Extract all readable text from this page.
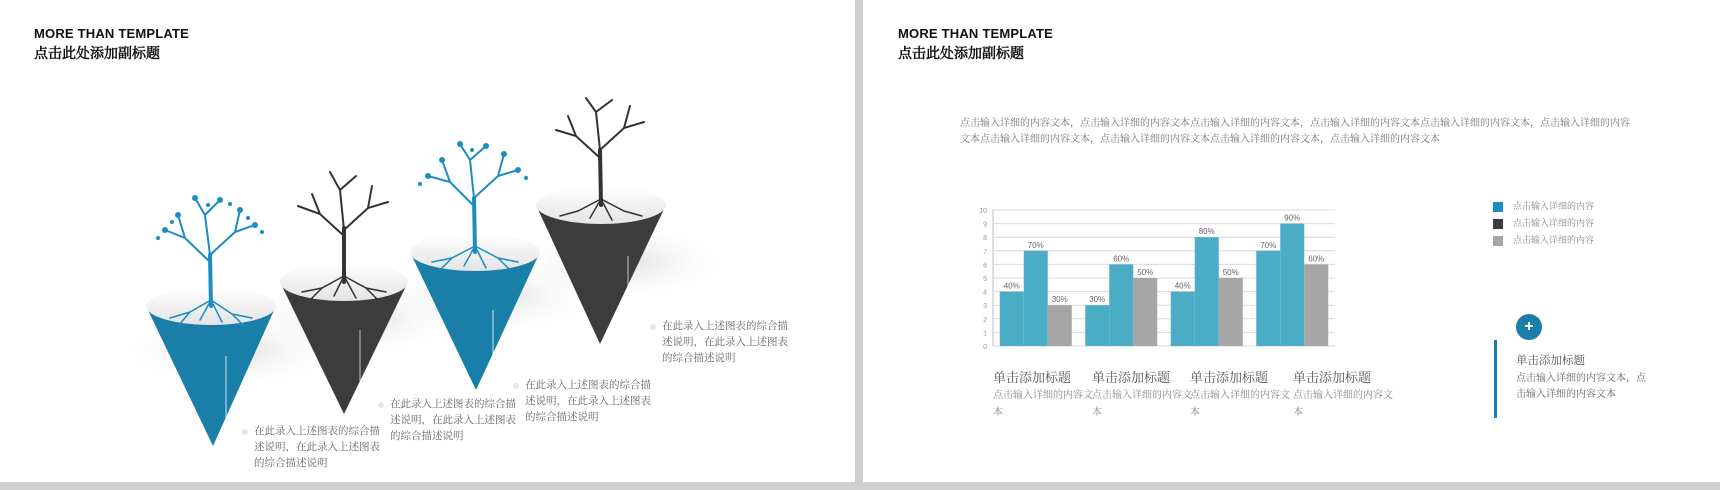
MORE THAN TEMPLATE
点击此处添加副标题
在此录入上述图表的综合描述说明，在此录入上述图表的综合描述说明
在此录入上述图表的综合描述说明，在此录入上述图表的综合描述说明
在此录入上述图表的综合描述说明，在此录入上述图表的综合描述说明
在此录入上述图表的综合描述说明，在此录入上述图表的综合描述说明
MORE THAN TEMPLATE
点击此处添加副标题
点击输入详细的内容文本，点击输入详细的内容文本点击输入详细的内容文本，点击输入详细的内容文本点击输入详细的内容文本，点击输入详细的内容文本点击输入详细的内容文本，点击输入详细的内容文本点击输入详细的内容文本，点击输入详细的内容文本
0
1
2
3
4
5
6
7
8
9
10
40%
70%
30%	30%
60%
50%
40%
80%
50%
70%
90%
60%
点击输入详细的内容
点击输入详细的内容
点击输入详细的内容
单击添加标题
点击输入详细的内容文本
单击添加标题
点击输入详细的内容文本
单击添加标题
点击输入详细的内容文本
单击添加标题
点击输入详细的内容文本
+
单击添加标题
点击输入详细的内容文本，点击输入详细的内容文本
